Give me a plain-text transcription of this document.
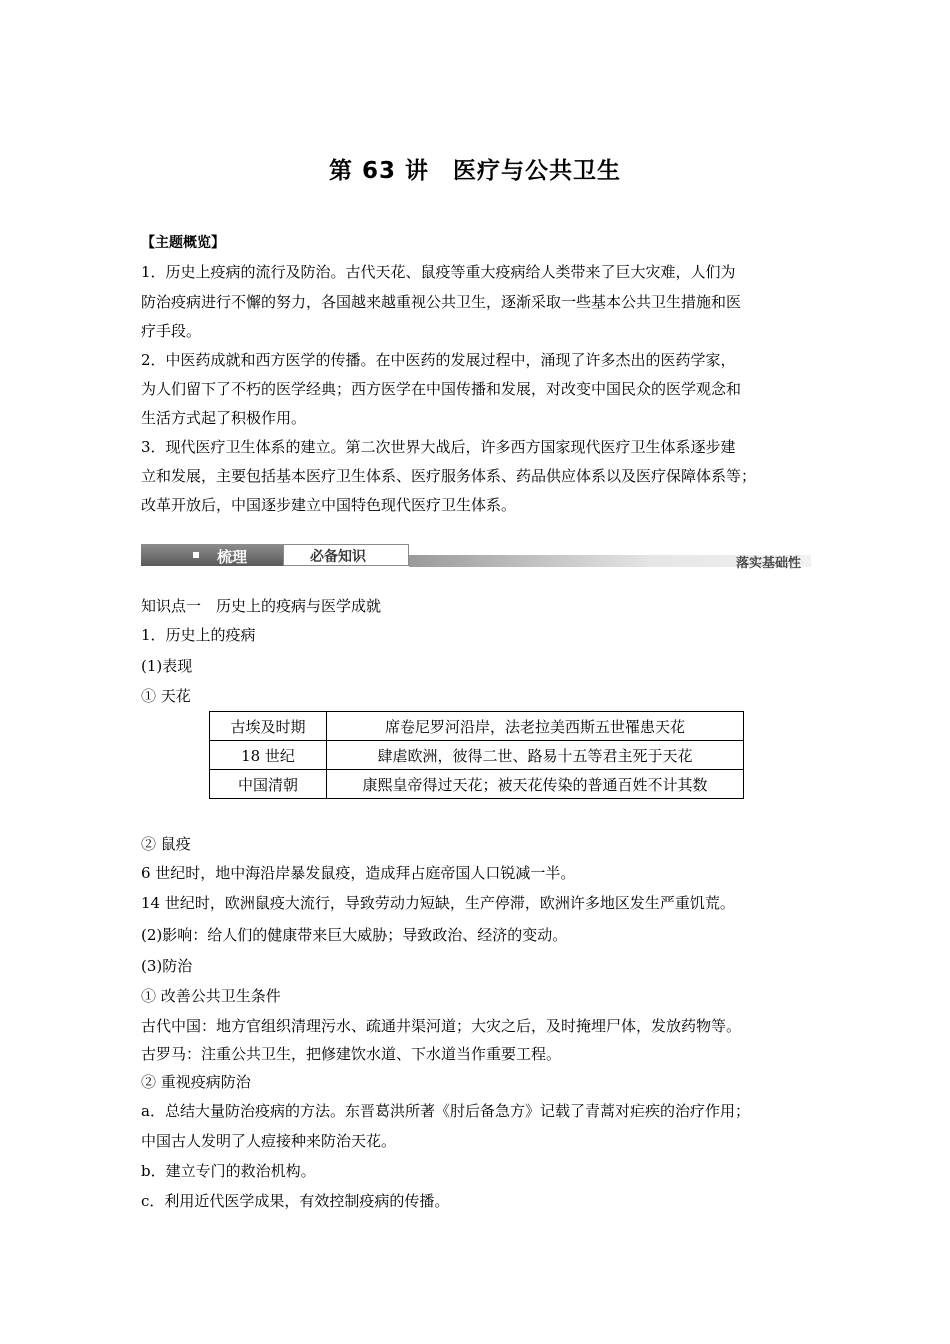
第 63 讲　医疗与公共卫生
【主题概览】
1．历史上疫病的流行及防治。古代天花、鼠疫等重大疫病给人类带来了巨大灾难，人们为
防治疫病进行不懈的努力，各国越来越重视公共卫生，逐渐采取一些基本公共卫生措施和医
疗手段。
2．中医药成就和西方医学的传播。在中医药的发展过程中，涌现了许多杰出的医药学家，
为人们留下了不朽的医学经典；西方医学在中国传播和发展，对改变中国民众的医学观念和
生活方式起了积极作用。
3．现代医疗卫生体系的建立。第二次世界大战后，许多西方国家现代医疗卫生体系逐步建
立和发展，主要包括基本医疗卫生体系、医疗服务体系、药品供应体系以及医疗保障体系等；
改革开放后，中国逐步建立中国特色现代医疗卫生体系。
梳理	必备知识	落实基础性
知识点一　历史上的疫病与医学成就
1．历史上的疫病
(1)表现
① 天花
古埃及时期	席卷尼罗河沿岸，法老拉美西斯五世罹患天花
18 世纪	肆虐欧洲，彼得二世、路易十五等君主死于天花
中国清朝	康熙皇帝得过天花；被天花传染的普通百姓不计其数
② 鼠疫
6 世纪时，地中海沿岸暴发鼠疫，造成拜占庭帝国人口锐减一半。
14 世纪时，欧洲鼠疫大流行，导致劳动力短缺，生产停滞，欧洲许多地区发生严重饥荒。
(2)影响：给人们的健康带来巨大威胁；导致政治、经济的变动。
(3)防治
① 改善公共卫生条件
古代中国：地方官组织清理污水、疏通井渠河道；大灾之后，及时掩埋尸体，发放药物等。
古罗马：注重公共卫生，把修建饮水道、下水道当作重要工程。
② 重视疫病防治
a．总结大量防治疫病的方法。东晋葛洪所著《肘后备急方》记载了青蒿对疟疾的治疗作用；
中国古人发明了人痘接种来防治天花。
b．建立专门的救治机构。
c．利用近代医学成果，有效控制疫病的传播。
